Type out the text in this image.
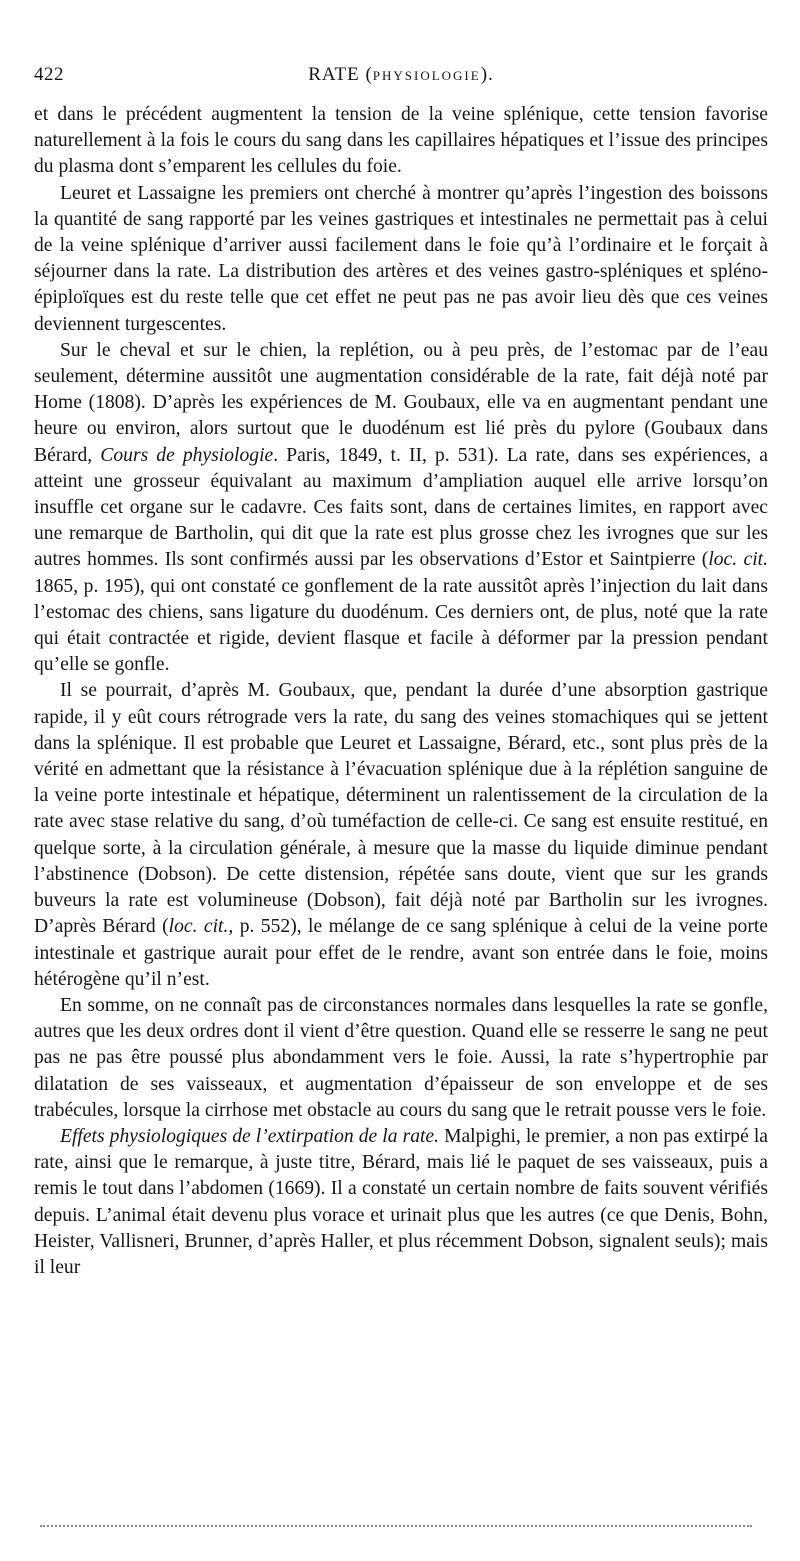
422	RATE (PHYSIOLOGIE).

et dans le précédent augmentent la tension de la veine splénique, cette tension favorise naturellement à la fois le cours du sang dans les capillaires hépatiques et l’issue des principes du plasma dont s’emparent les cellules du foie.

Leuret et Lassaigne les premiers ont cherché à montrer qu’après l’ingestion des boissons la quantité de sang rapporté par les veines gastriques et intestinales ne permettait pas à celui de la veine splénique d’arriver aussi facilement dans le foie qu’à l’ordinaire et le forçait à séjourner dans la rate. La distribution des artères et des veines gastro-spléniques et spléno-épiploïques est du reste telle que cet effet ne peut pas ne pas avoir lieu dès que ces veines deviennent turgescentes.

Sur le cheval et sur le chien, la replétion, ou à peu près, de l’estomac par de l’eau seulement, détermine aussitôt une augmentation considérable de la rate, fait déjà noté par Home (1808). D’après les expériences de M. Goubaux, elle va en augmentant pendant une heure ou environ, alors surtout que le duodénum est lié près du pylore (Goubaux dans Bérard, Cours de physiologie. Paris, 1849, t. II, p. 531). La rate, dans ses expériences, a atteint une grosseur équivalant au maximum d’ampliation auquel elle arrive lorsqu’on insuffle cet organe sur le cadavre. Ces faits sont, dans de certaines limites, en rapport avec une remarque de Bartholin, qui dit que la rate est plus grosse chez les ivrognes que sur les autres hommes. Ils sont confirmés aussi par les observations d’Estor et Saintpierre (loc. cit. 1865, p. 195), qui ont constaté ce gonflement de la rate aussitôt après l’injection du lait dans l’estomac des chiens, sans ligature du duodénum. Ces derniers ont, de plus, noté que la rate qui était contractée et rigide, devient flasque et facile à déformer par la pression pendant qu’elle se gonfle.

Il se pourrait, d’après M. Goubaux, que, pendant la durée d’une absorption gastrique rapide, il y eût cours rétrograde vers la rate, du sang des veines stomachiques qui se jettent dans la splénique. Il est probable que Leuret et Lassaigne, Bérard, etc., sont plus près de la vérité en admettant que la résistance à l’évacuation splénique due à la réplétion sanguine de la veine porte intestinale et hépatique, déterminent un ralentissement de la circulation de la rate avec stase relative du sang, d’où tuméfaction de celle-ci. Ce sang est ensuite restitué, en quelque sorte, à la circulation générale, à mesure que la masse du liquide diminue pendant l’abstinence (Dobson). De cette distension, répétée sans doute, vient que sur les grands buveurs la rate est volumineuse (Dobson), fait déjà noté par Bartholin sur les ivrognes. D’après Bérard (loc. cit., p. 552), le mélange de ce sang splénique à celui de la veine porte intestinale et gastrique aurait pour effet de le rendre, avant son entrée dans le foie, moins hétérogène qu’il n’est.

En somme, on ne connaît pas de circonstances normales dans lesquelles la rate se gonfle, autres que les deux ordres dont il vient d’être question. Quand elle se resserre le sang ne peut pas ne pas être poussé plus abondamment vers le foie. Aussi, la rate s’hypertrophie par dilatation de ses vaisseaux, et augmentation d’épaisseur de son enveloppe et de ses trabécules, lorsque la cirrhose met obstacle au cours du sang que le retrait pousse vers le foie.

Effets physiologiques de l’extirpation de la rate. Malpighi, le premier, a non pas extirpé la rate, ainsi que le remarque, à juste titre, Bérard, mais lié le paquet de ses vaisseaux, puis a remis le tout dans l’abdomen (1669). Il a constaté un certain nombre de faits souvent vérifiés depuis. L’animal était devenu plus vorace et urinait plus que les autres (ce que Denis, Bohn, Heister, Vallisneri, Brunner, d’après Haller, et plus récemment Dobson, signalent seuls); mais il leur
